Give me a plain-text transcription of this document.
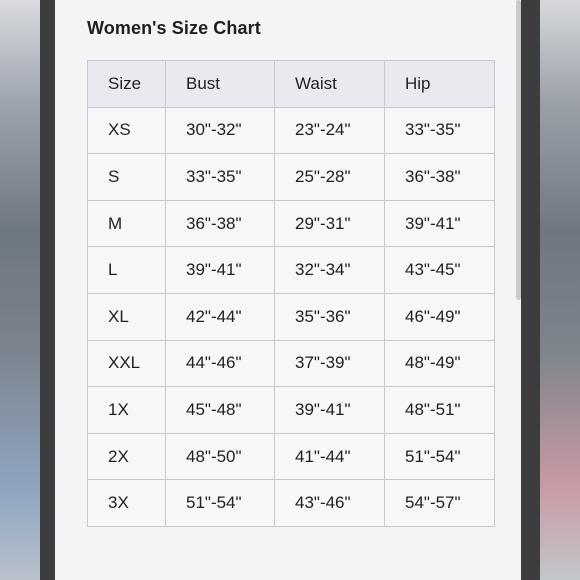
Women's Size Chart
Size	Bust	Waist	Hip
XS	30"-32"	23"-24"	33"-35"
S	33"-35"	25"-28"	36"-38"
M	36"-38"	29"-31"	39"-41"
L	39"-41"	32"-34"	43"-45"
XL	42"-44"	35"-36"	46"-49"
XXL	44"-46"	37"-39"	48"-49"
1X	45"-48"	39"-41"	48"-51"
2X	48"-50"	41"-44"	51"-54"
3X	51"-54"	43"-46"	54"-57"
